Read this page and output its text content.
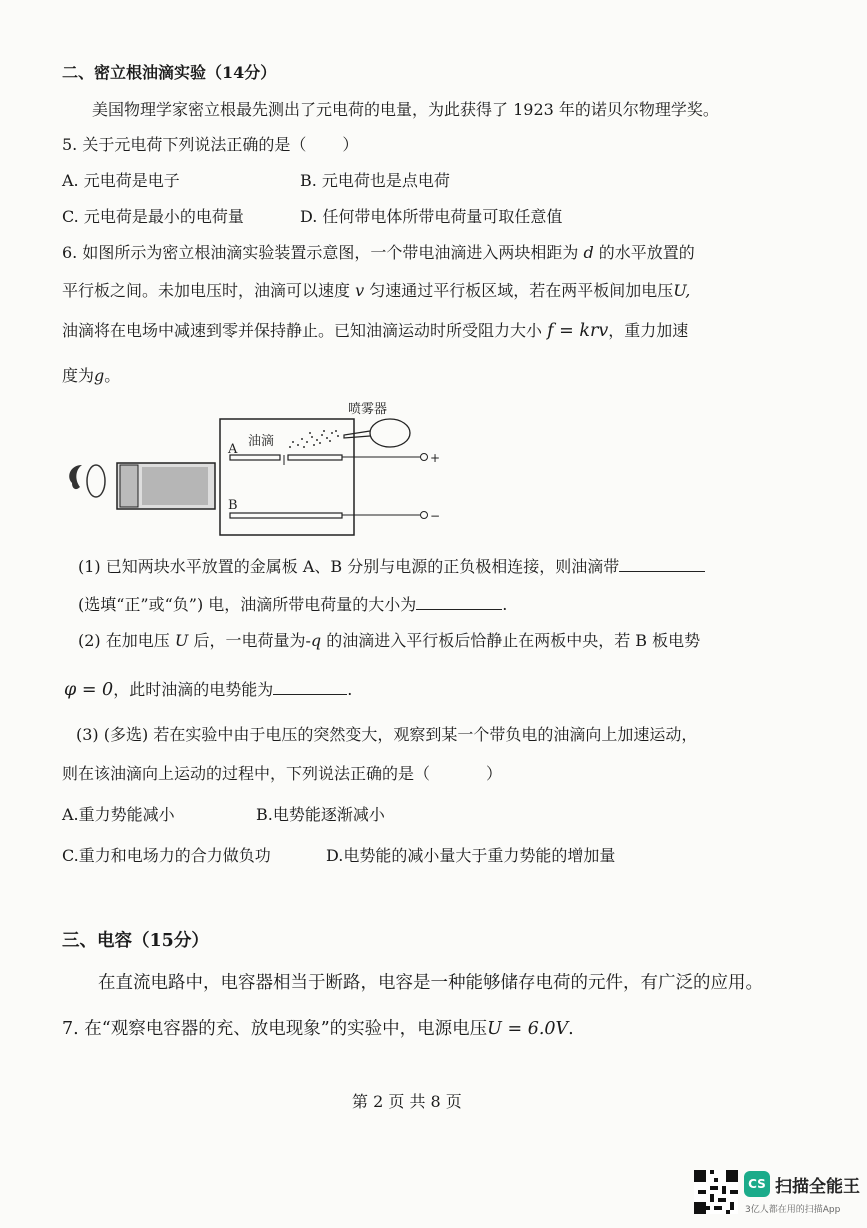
二、密立根油滴实验（14分）
美国物理学家密立根最先测出了元电荷的电量，为此获得了 1923 年的诺贝尔物理学奖。
5. 关于元电荷下列说法正确的是（ ）
A. 元电荷是电子	B. 元电荷也是点电荷
C. 元电荷是最小的电荷量	D. 任何带电体所带电荷量可取任意值
6. 如图所示为密立根油滴实验装置示意图，一个带电油滴进入两块相距为 d 的水平放置的
平行板之间。未加电压时，油滴可以速度 v 匀速通过平行板区域，若在两平板间加电压U,
油滴将在电场中减速到零并保持静止。已知油滴运动时所受阻力大小 f = krv，重力加速
度为g。
喷雾器
油滴
A
B
+
−
(1) 已知两块水平放置的金属板 A、B 分别与电源的正负极相连接，则油滴带
(选填“正”或“负”) 电，油滴所带电荷量的大小为	.
(2) 在加电压 U 后，一电荷量为-q 的油滴进入平行板后恰静止在两板中央，若 B 板电势
φ = 0，此时油滴的电势能为	.
(3) (多选) 若在实验中由于电压的突然变大，观察到某一个带负电的油滴向上加速运动，
则在该油滴向上运动的过程中，下列说法正确的是（	）
A.重力势能减小	B.电势能逐渐减小
C.重力和电场力的合力做负功	D.电势能的减小量大于重力势能的增加量
三、电容（15分）
在直流电路中，电容器相当于断路，电容是一种能够储存电荷的元件，有广泛的应用。
7. 在“观察电容器的充、放电现象”的实验中，电源电压U = 6.0V.
第 2 页 共 8 页
CS 扫描全能王
3亿人都在用的扫描App
